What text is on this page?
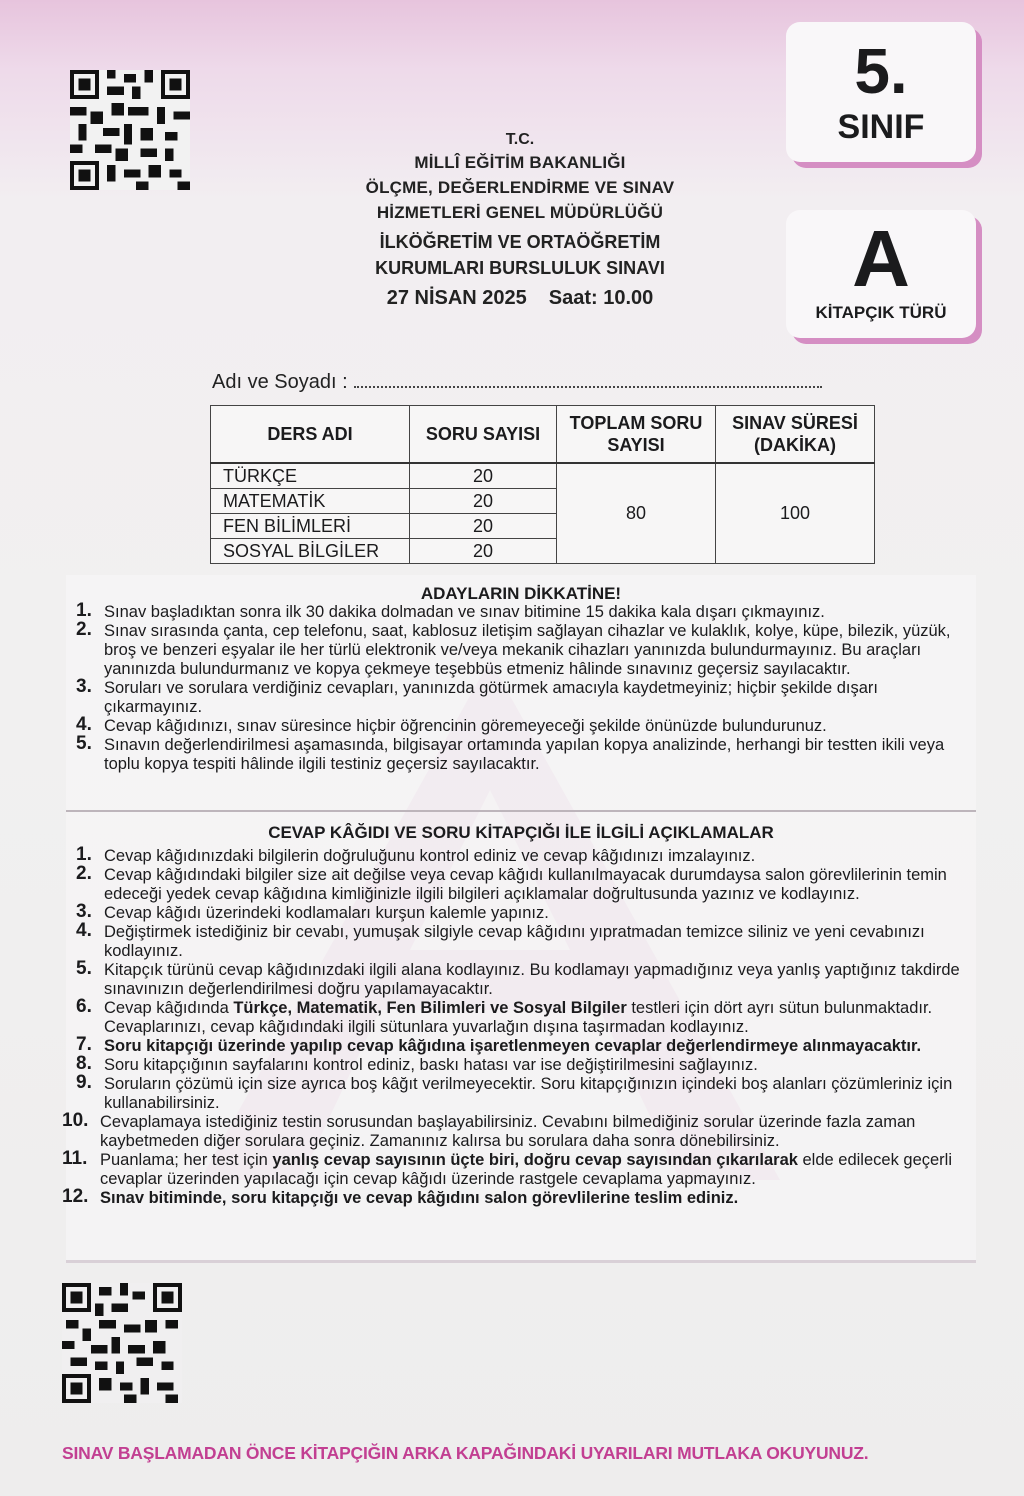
T.C.
MİLLÎ EĞİTİM BAKANLIĞI
ÖLÇME, DEĞERLENDİRME VE SINAV
HİZMETLERİ GENEL MÜDÜRLÜĞÜ
İLKÖĞRETİM VE ORTAÖĞRETİM
KURUMLARI BURSLULUK SINAVI
27 NİSAN 2025 Saat: 10.00
5.
SINIF
A
KİTAPÇIK TÜRÜ
Adı ve Soyadı :
DERS ADI	SORU SAYISI	TOPLAM SORU SAYISI	SINAV SÜRESİ (DAKİKA)
TÜRKÇE	20	80	100
MATEMATİK	20		
FEN BİLİMLERİ	20		
SOSYAL BİLGİLER	20		
ADAYLARIN DİKKATİNE!
1. Sınav başladıktan sonra ilk 30 dakika dolmadan ve sınav bitimine 15 dakika kala dışarı çıkmayınız.
2. Sınav sırasında çanta, cep telefonu, saat, kablosuz iletişim sağlayan cihazlar ve kulaklık, kolye, küpe, bilezik, yüzük, broş ve benzeri eşyalar ile her türlü elektronik ve/veya mekanik cihazları yanınızda bulundurmayınız. Bu araçları yanınızda bulundurmanız ve kopya çekmeye teşebbüs etmeniz hâlinde sınavınız geçersiz sayılacaktır.
3. Soruları ve sorulara verdiğiniz cevapları, yanınızda götürmek amacıyla kaydetmeyiniz; hiçbir şekilde dışarı çıkarmayınız.
4. Cevap kâğıdınızı, sınav süresince hiçbir öğrencinin göremeyeceği şekilde önünüzde bulundurunuz.
5. Sınavın değerlendirilmesi aşamasında, bilgisayar ortamında yapılan kopya analizinde, herhangi bir testten ikili veya toplu kopya tespiti hâlinde ilgili testiniz geçersiz sayılacaktır.
CEVAP KÂĞIDI VE SORU KİTAPÇIĞI İLE İLGİLİ AÇIKLAMALAR
1. Cevap kâğıdınızdaki bilgilerin doğruluğunu kontrol ediniz ve cevap kâğıdınızı imzalayınız.
2. Cevap kâğıdındaki bilgiler size ait değilse veya cevap kâğıdı kullanılmayacak durumdaysa salon görevlilerinin temin edeceği yedek cevap kâğıdına kimliğinizle ilgili bilgileri açıklamalar doğrultusunda yazınız ve kodlayınız.
3. Cevap kâğıdı üzerindeki kodlamaları kurşun kalemle yapınız.
4. Değiştirmek istediğiniz bir cevabı, yumuşak silgiyle cevap kâğıdını yıpratmadan temizce siliniz ve yeni cevabınızı kodlayınız.
5. Kitapçık türünü cevap kâğıdınızdaki ilgili alana kodlayınız. Bu kodlamayı yapmadığınız veya yanlış yaptığınız takdirde sınavınızın değerlendirilmesi doğru yapılamayacaktır.
6. Cevap kâğıdında Türkçe, Matematik, Fen Bilimleri ve Sosyal Bilgiler testleri için dört ayrı sütun bulunmaktadır. Cevaplarınızı, cevap kâğıdındaki ilgili sütunlara yuvarlağın dışına taşırmadan kodlayınız.
7. Soru kitapçığı üzerinde yapılıp cevap kâğıdına işaretlenmeyen cevaplar değerlendirmeye alınmayacaktır.
8. Soru kitapçığının sayfalarını kontrol ediniz, baskı hatası var ise değiştirilmesini sağlayınız.
9. Soruların çözümü için size ayrıca boş kâğıt verilmeyecektir. Soru kitapçığınızın içindeki boş alanları çözümleriniz için kullanabilirsiniz.
10. Cevaplamaya istediğiniz testin sorusundan başlayabilirsiniz. Cevabını bilmediğiniz sorular üzerinde fazla zaman kaybetmeden diğer sorulara geçiniz. Zamanınız kalırsa bu sorulara daha sonra dönebilirsiniz.
11. Puanlama; her test için yanlış cevap sayısının üçte biri, doğru cevap sayısından çıkarılarak elde edilecek geçerli cevaplar üzerinden yapılacağı için cevap kâğıdı üzerinde rastgele cevaplama yapmayınız.
12. Sınav bitiminde, soru kitapçığı ve cevap kâğıdını salon görevlilerine teslim ediniz.
SINAV BAŞLAMADAN ÖNCE KİTAPÇIĞIN ARKA KAPAĞINDAKİ UYARILARI MUTLAKA OKUYUNUZ.
